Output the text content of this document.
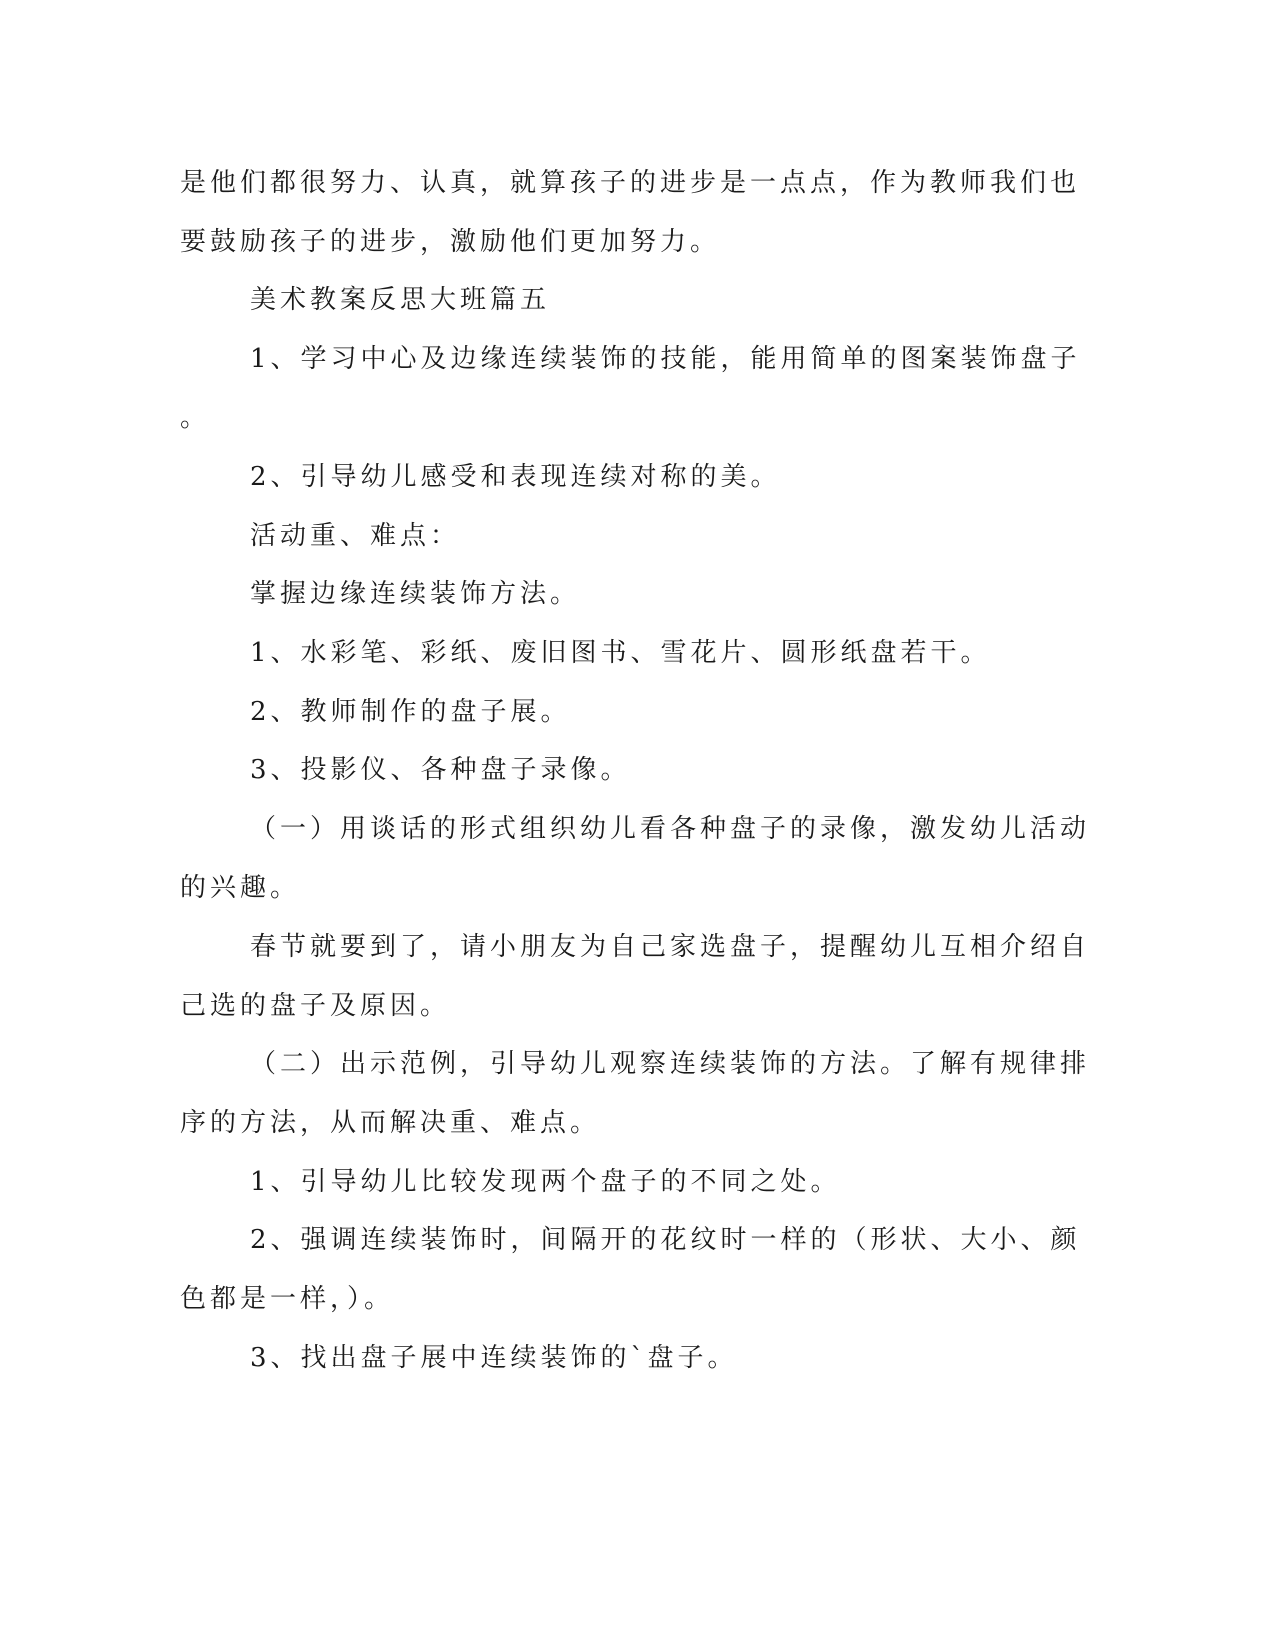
是他们都很努力、认真，就算孩子的进步是一点点，作为教师我们也
要鼓励孩子的进步，激励他们更加努力。
美术教案反思大班篇五
1、学习中心及边缘连续装饰的技能，能用简单的图案装饰盘子
。
2、引导幼儿感受和表现连续对称的美。
活动重、难点：
掌握边缘连续装饰方法。
1、水彩笔、彩纸、废旧图书、雪花片、圆形纸盘若干。
2、教师制作的盘子展。
3、投影仪、各种盘子录像。
（一）用谈话的形式组织幼儿看各种盘子的录像，激发幼儿活动
的兴趣。
春节就要到了，请小朋友为自己家选盘子，提醒幼儿互相介绍自
己选的盘子及原因。
（二）出示范例，引导幼儿观察连续装饰的方法。了解有规律排
序的方法，从而解决重、难点。
1、引导幼儿比较发现两个盘子的不同之处。
2、强调连续装饰时，间隔开的花纹时一样的（形状、大小、颜
色都是一样，）。
3、找出盘子展中连续装饰的`盘子。
